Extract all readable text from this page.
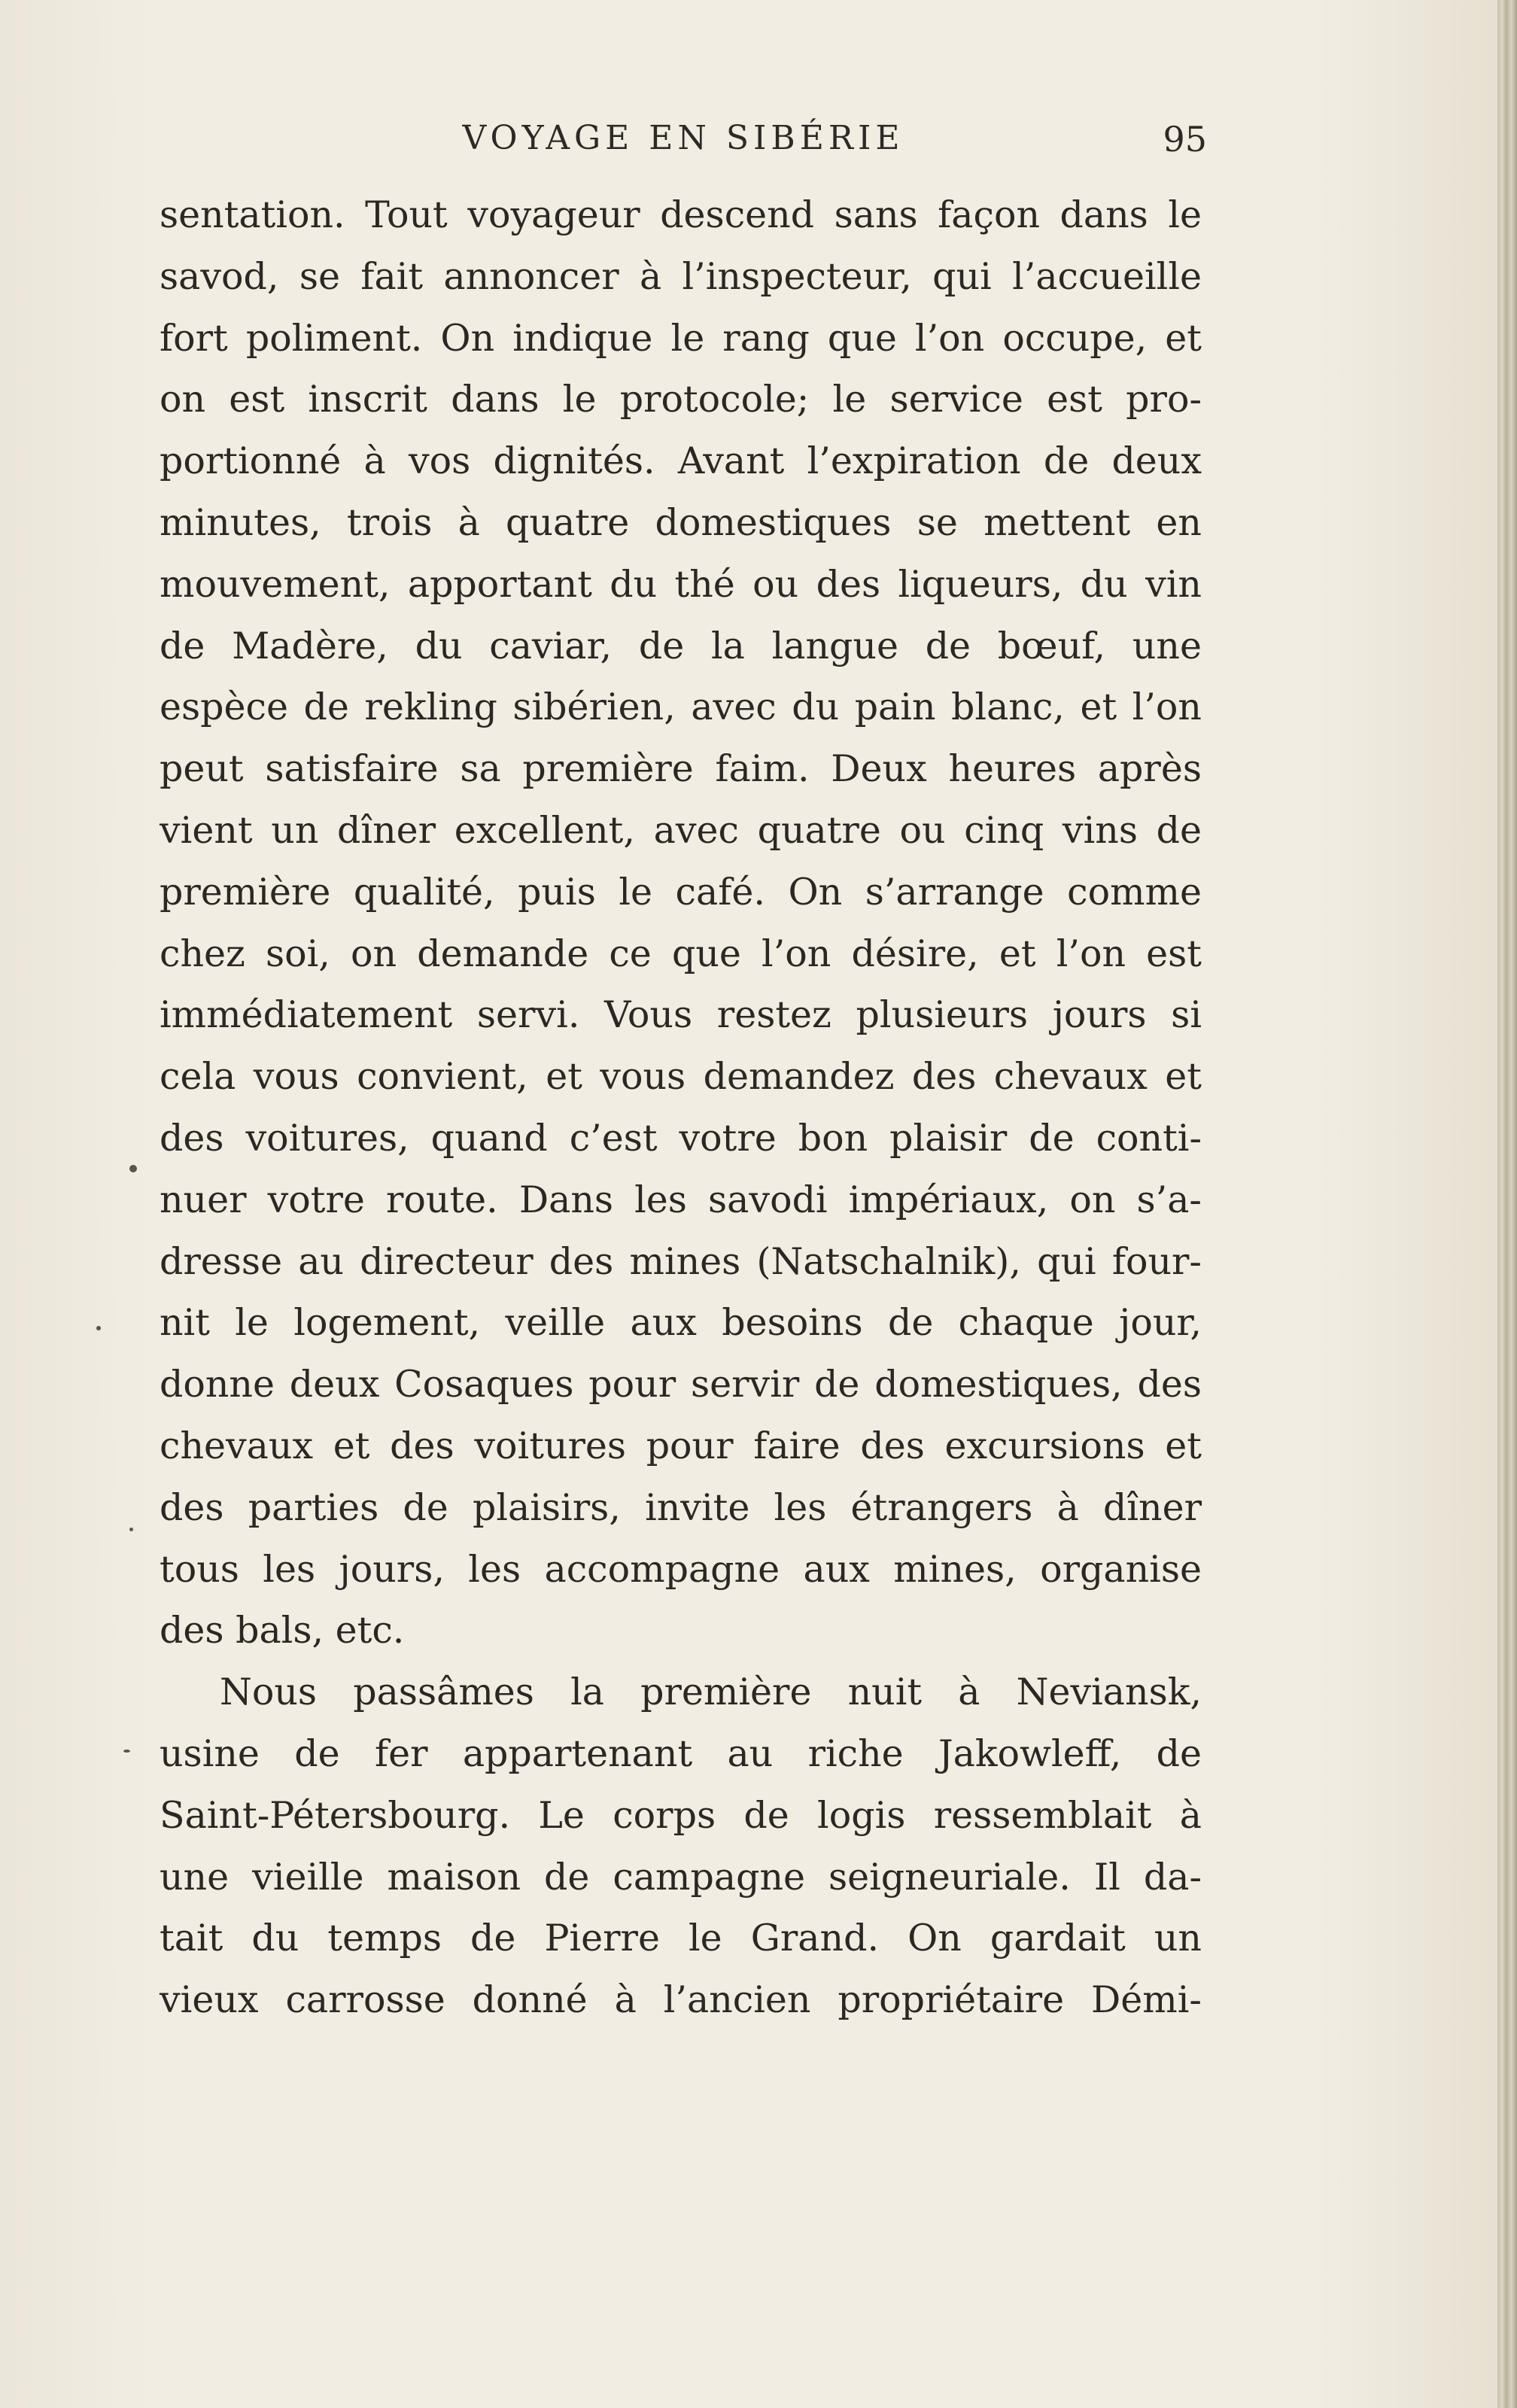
VOYAGE EN SIBÉRIE	95
sentation. Tout voyageur descend sans façon dans le
savod, se fait annoncer à l’inspecteur, qui l’accueille
fort poliment. On indique le rang que l’on occupe, et
on est inscrit dans le protocole; le service est pro-
portionné à vos dignités. Avant l’expiration de deux
minutes, trois à quatre domestiques se mettent en
mouvement, apportant du thé ou des liqueurs, du vin
de Madère, du caviar, de la langue de bœuf, une
espèce de rekling sibérien, avec du pain blanc, et l’on
peut satisfaire sa première faim. Deux heures après
vient un dîner excellent, avec quatre ou cinq vins de
première qualité, puis le café. On s’arrange comme
chez soi, on demande ce que l’on désire, et l’on est
immédiatement servi. Vous restez plusieurs jours si
cela vous convient, et vous demandez des chevaux et
des voitures, quand c’est votre bon plaisir de conti-
nuer votre route. Dans les savodi impériaux, on s’a-
dresse au directeur des mines (Natschalnik), qui four-
nit le logement, veille aux besoins de chaque jour,
donne deux Cosaques pour servir de domestiques, des
chevaux et des voitures pour faire des excursions et
des parties de plaisirs, invite les étrangers à dîner
tous les jours, les accompagne aux mines, organise
des bals, etc.
Nous passâmes la première nuit à Neviansk,
usine de fer appartenant au riche Jakowleff, de
Saint-Pétersbourg. Le corps de logis ressemblait à
une vieille maison de campagne seigneuriale. Il da-
tait du temps de Pierre le Grand. On gardait un
vieux carrosse donné à l’ancien propriétaire Démi-
